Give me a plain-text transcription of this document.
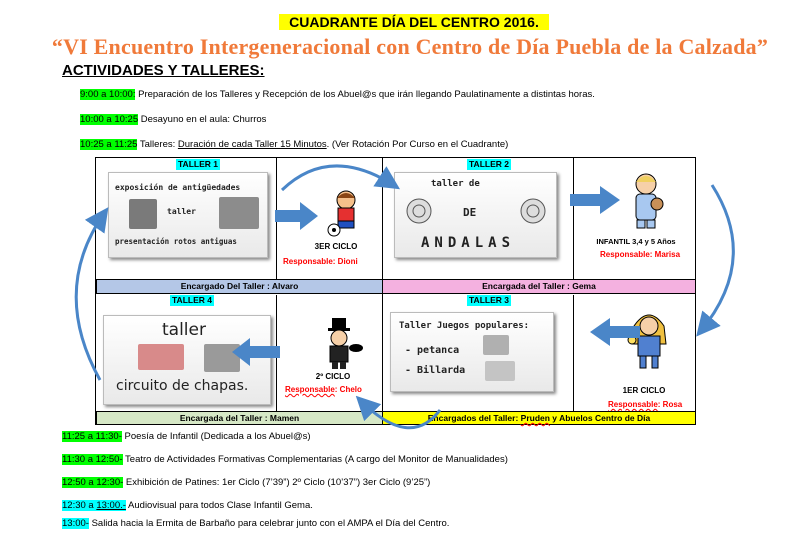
CUADRANTE DÍA DEL CENTRO 2016.
“VI Encuentro Intergeneracional con Centro de Día Puebla de la Calzada”
ACTIVIDADES Y TALLERES:
9:00 a 10:00: Preparación de los Talleres y Recepción de los Abuel@s que irán llegando Paulatinamente a distintas horas.
10:00 a 10:25 Desayuno en el aula: Churros
10:25 a 11:25 Talleres: Duración de cada Taller 15 Minutos. (Ver Rotación Por Curso en el Cuadrante)
TALLER 1
exposición de antigüedades
taller
presentación rotos antiguas
3ER CICLO
Responsable: Dioni
TALLER 2
taller de
DE
ANDALAS	INFANTIL 3,4 y 5 Años
Responsable: Marisa
Encargado Del Taller : Alvaro	Encargada del Taller : Gema
TALLER 4
taller
circuito de chapas.
2º CICLO
Responsable: Chelo
TALLER 3
Taller Juegos populares:
- petanca
- Billarda
1ER CICLO
Responsable: Rosa
Encargada del Taller : Mamen	Encargados del Taller: Pruden y Abuelos Centro de Día
11:25 a 11:30- Poesía de Infantil (Dedicada a los Abuel@s)
11:30 a 12:50- Teatro de Actividades Formativas Complementarias (A cargo del Monitor de Manualidades)
12:50 a 12:30- Exhibición de Patines: 1er Ciclo (7’39”) 2º Ciclo (10’37”) 3er Ciclo (9’25”)
12:30 a 13:00.- Audiovisual para todos Clase Infantil Gema.
13:00- Salida hacia la Ermita de Barbaño para celebrar junto con el AMPA el Día del Centro.
